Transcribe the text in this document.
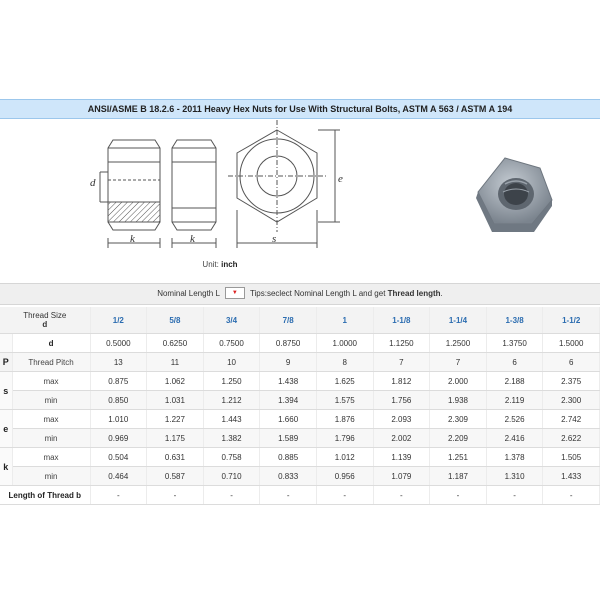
ANSI/ASME B 18.2.6 - 2011 Heavy Hex Nuts for Use With Structural Bolts, ASTM A 563 / ASTM A 194
d
k	k	s
e
Unit: inch
Nominal Length L ▼ Tips:seclect Nominal Length L and get Thread length.
Thread Size
d		1/2	5/8	3/4	7/8	1	1-1/8	1-1/4	1-3/8	1-1/2
	d	0.5000	0.6250	0.7500	0.8750	1.0000	1.1250	1.2500	1.3750	1.5000
P	Thread Pitch	13	11	10	9	8	7	7	6	6
s	max	0.875	1.062	1.250	1.438	1.625	1.812	2.000	2.188	2.375
	min	0.850	1.031	1.212	1.394	1.575	1.756	1.938	2.119	2.300
e	max	1.010	1.227	1.443	1.660	1.876	2.093	2.309	2.526	2.742
	min	0.969	1.175	1.382	1.589	1.796	2.002	2.209	2.416	2.622
k	max	0.504	0.631	0.758	0.885	1.012	1.139	1.251	1.378	1.505
	min	0.464	0.587	0.710	0.833	0.956	1.079	1.187	1.310	1.433
Length of Thread b		-	-	-	-	-	-	-	-	-
